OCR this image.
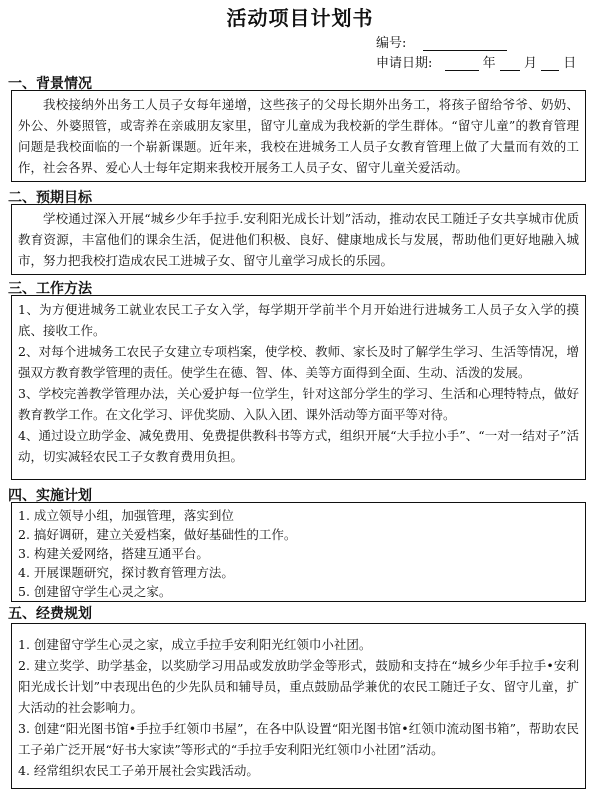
活动项目计划书
编号:
申请日期:	年 月 日
一、背景情况

我校接纳外出务工人员子女每年递增，这些孩子的父母长期外出务工，将孩子留给爷爷、奶奶、外公、外婆照管，或寄养在亲戚朋友家里，留守儿童成为我校新的学生群体。“留守儿童”的教育管理问题是我校面临的一个崭新课题。近年来，我校在进城务工人员子女教育管理上做了大量而有效的工作，社会各界、爱心人士每年定期来我校开展务工人员子女、留守儿童关爱活动。

二、预期目标

学校通过深入开展“城乡少年手拉手.安利阳光成长计划”活动，推动农民工随迁子女共享城市优质教育资源，丰富他们的课余生活，促进他们积极、良好、健康地成长与发展，帮助他们更好地融入城市，努力把我校打造成农民工进城子女、留守儿童学习成长的乐园。

三、工作方法

1、为方便进城务工就业农民工子女入学，每学期开学前半个月开始进行进城务工人员子女入学的摸底、接收工作。

2、对每个进城务工农民子女建立专项档案，使学校、教师、家长及时了解学生学习、生活等情况，增强双方教育教学管理的责任。使学生在德、智、体、美等方面得到全面、生动、活泼的发展。

3、学校完善教学管理办法，关心爱护每一位学生，针对这部分学生的学习、生活和心理特特点，做好教育教学工作。在文化学习、评优奖励、入队入团、课外活动等方面平等对待。

4、通过设立助学金、减免费用、免费提供教科书等方式，组织开展“大手拉小手”、“一对一结对子”活动，切实减轻农民工子女教育费用负担。

四、实施计划

1. 成立领导小组，加强管理，落实到位

2. 搞好调研，建立关爱档案，做好基础性的工作。

3. 构建关爱网络，搭建互通平台。

4. 开展课题研究，探讨教育管理方法。

5. 创建留守学生心灵之家。

五、经费规划

1. 创建留守学生心灵之家，成立手拉手安利阳光红领巾小社团。

2. 建立奖学、助学基金，以奖励学习用品或发放助学金等形式，鼓励和支持在“城乡少年手拉手•安利阳光成长计划”中表现出色的少先队员和辅导员，重点鼓励品学兼优的农民工随迁子女、留守儿童，扩大活动的社会影响力。

3. 创建“阳光图书馆•手拉手红领巾书屋”，在各中队设置“阳光图书馆•红领巾流动图书箱”，帮助农民工子弟广泛开展“好书大家读”等形式的“手拉手安利阳光红领巾小社团”活动。

4. 经常组织农民工子弟开展社会实践活动。
